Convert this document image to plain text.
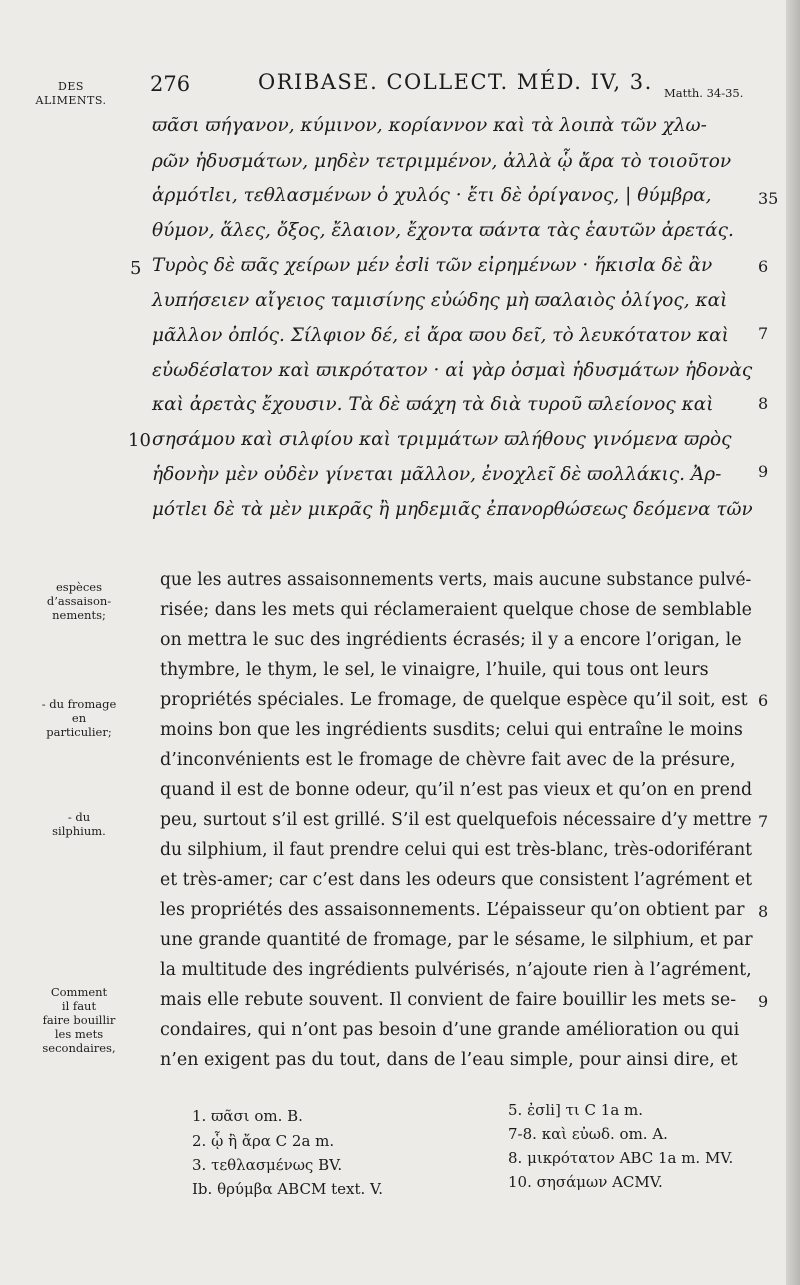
DES
ALIMENTS.
276	ORIBASE. COLLECT. MÉD. IV, 3. Matth. 34-35.
ϖᾶσι ϖήγανον, κύμινον, κορίαννον καὶ τὰ λοιπὰ τῶν χλω-
ρῶν ἡδυσμάτων, μηδὲν τετριμμένον, ἀλλὰ ᾧ ἄρα τὸ τοιοῦτον
ἁρμότlει, τεθλασμένων ὁ χυλός · ἔτι δὲ ὀρίγανος, | θύμβρα,
θύμον, ἅλες, ὄξος, ἔλαιον, ἔχοντα ϖάντα τὰς ἑαυτῶν ἀρετάς.
Τυρὸς δὲ ϖᾶς χείρων μέν ἐσli τῶν εἰρημένων · ἥκισlα δὲ ἂν
λυπήσειεν αἴγειος ταμισίνης εὐώδης μὴ ϖαλαιὸς ὀλίγος, καὶ
μᾶλλον ὀπlός. Σίλφιον δέ, εἰ ἄρα ϖου δεῖ, τὸ λευκότατον καὶ
εὐωδέσlατον καὶ ϖικρότατον · αἱ γὰρ ὀσμαὶ ἡδυσμάτων ἡδονὰς
καὶ ἀρετὰς ἔχουσιν. Τὰ δὲ ϖάχη τὰ διὰ τυροῦ ϖλείονος καὶ
σησάμου καὶ σιλφίου καὶ τριμμάτων ϖλήθους γινόμενα ϖρὸς
ἡδονὴν μὲν οὐδὲν γίνεται μᾶλλον, ἐνοχλεῖ δὲ ϖολλάκις. Ἀρ-
μότlει δὲ τὰ μὲν μικρᾶς ἢ μηδεμιᾶς ἐπανορθώσεως δεόμενα τῶν
5
10
35
6
7
8
9
espèces
d’assaison-
nements;
- du fromage
en
particulier;
- du
silphium.
Comment
il faut
faire bouillir
les mets
secondaires,
que les autres assaisonnements verts, mais aucune substance pulvé-
risée; dans les mets qui réclameraient quelque chose de semblable
on mettra le suc des ingrédients écrasés; il y a encore l’origan, le
thymbre, le thym, le sel, le vinaigre, l’huile, qui tous ont leurs
propriétés spéciales. Le fromage, de quelque espèce qu’il soit, est
moins bon que les ingrédients susdits; celui qui entraîne le moins
d’inconvénients est le fromage de chèvre fait avec de la présure,
quand il est de bonne odeur, qu’il n’est pas vieux et qu’on en prend
peu, surtout s’il est grillé. S’il est quelquefois nécessaire d’y mettre
du silphium, il faut prendre celui qui est très-blanc, très-odoriférant
et très-amer; car c’est dans les odeurs que consistent l’agrément et
les propriétés des assaisonnements. L’épaisseur qu’on obtient par
une grande quantité de fromage, par le sésame, le silphium, et par
la multitude des ingrédients pulvérisés, n’ajoute rien à l’agrément,
mais elle rebute souvent. Il convient de faire bouillir les mets se-
condaires, qui n’ont pas besoin d’une grande amélioration ou qui
n’en exigent pas du tout, dans de l’eau simple, pour ainsi dire, et
6
7
8
9
1. ϖᾶσι om. B.
2. ᾧ ἢ ἄρα C 2a m.
3. τεθλασμένως BV.
Ib. θρύμβα ABCM text. V.
5. ἐσli] τι C 1a m.
7-8. καὶ εὐωδ. om. A.
8. μικρότατον ABC 1a m. MV.
10. σησάμων ACMV.
